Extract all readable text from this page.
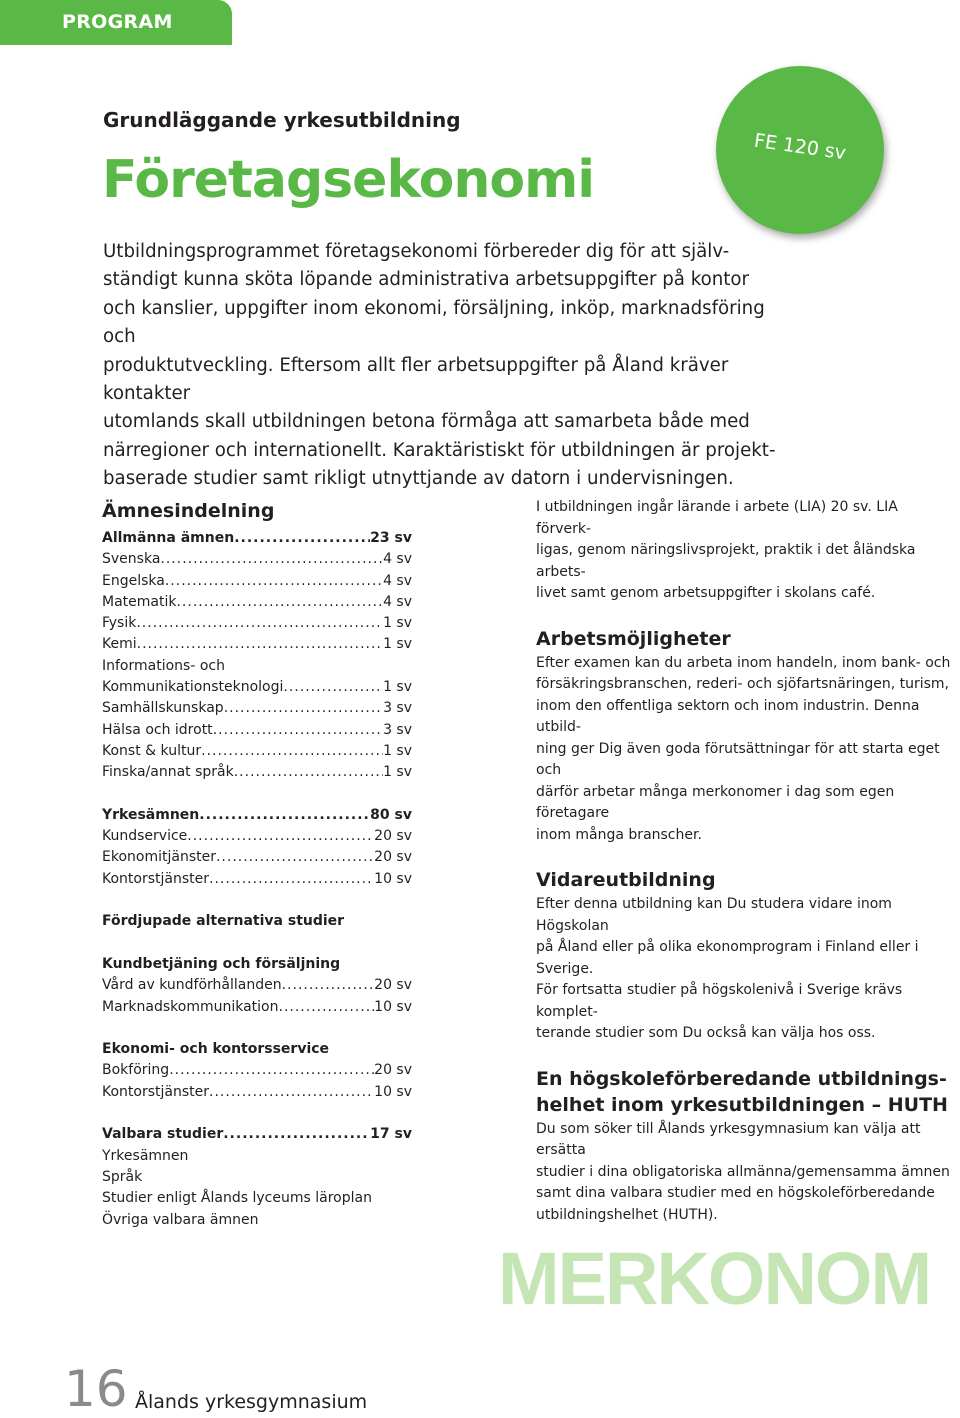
PROGRAM
Grundläggande yrkesutbildning
Företagsekonomi
FE 120 sv

Utbildningsprogrammet företagsekonomi förbereder dig för att själv-

ständigt kunna sköta löpande administrativa arbetsuppgifter på kontor

och kanslier, uppgifter inom ekonomi, försäljning, inköp, marknadsföring och

produktutveckling. Eftersom allt fler arbetsuppgifter på Åland kräver kontakter

utomlands skall utbildningen betona förmåga att samarbeta både med

närregioner och internationellt. Karaktäristiskt för utbildningen är projekt-

baserade studier samt rikligt utnyttjande av datorn i undervisningen.

Ämnesindelning
Allmänna ämnen .....	23 sv
Svenska .....	4 sv
Engelska .....	4 sv
Matematik .....	4 sv
Fysik .....	1 sv
Kemi .....	1 sv
Informations- och
Kommunikationsteknologi .....	1 sv
Samhällskunskap .....	3 sv
Hälsa och idrott .....	3 sv
Konst & kultur .....	1 sv
Finska/annat språk .....	1 sv
Yrkesämnen .....	80 sv
Kundservice .....	20 sv
Ekonomitjänster .....	20 sv
Kontorstjänster .....	10 sv
Fördjupade alternativa studier
Kundbetjäning och försäljning
Vård av kundförhållanden .....	20 sv
Marknadskommunikation .....	10 sv
Ekonomi- och kontorsservice
Bokföring .....	20 sv
Kontorstjänster .....	10 sv
Valbara studier .....	17 sv
Yrkesämnen
Språk
Studier enligt Ålands lyceums läroplan
Övriga valbara ämnen

I utbildningen ingår lärande i arbete (LIA) 20 sv. LIA förverk-

ligas, genom näringslivsprojekt, praktik i det åländska arbets-

livet samt genom arbetsuppgifter i skolans café.

Arbetsmöjligheter

Efter examen kan du arbeta inom handeln, inom bank- och

försäkringsbranschen, rederi- och sjöfartsnäringen, turism,

inom den offentliga sektorn och inom industrin. Denna utbild-

ning ger Dig även goda förutsättningar för att starta eget och

därför arbetar många merkonomer i dag som egen företagare

inom många branscher.

Vidareutbildning

Efter denna utbildning kan Du studera vidare inom Högskolan

på Åland eller på olika ekonomprogram i Finland eller i Sverige.

För fortsatta studier på högskolenivå i Sverige krävs komplet-

terande studier som Du också kan välja hos oss.

En högskoleförberedande utbildnings-
helhet inom yrkesutbildningen – HUTH

Du som söker till Ålands yrkesgymnasium kan välja att ersätta

studier i dina obligatoriska allmänna/gemensamma ämnen

samt dina valbara studier med en högskoleförberedande

utbildningshelhet (HUTH).

MERKONOM
16 Ålands yrkesgymnasium
